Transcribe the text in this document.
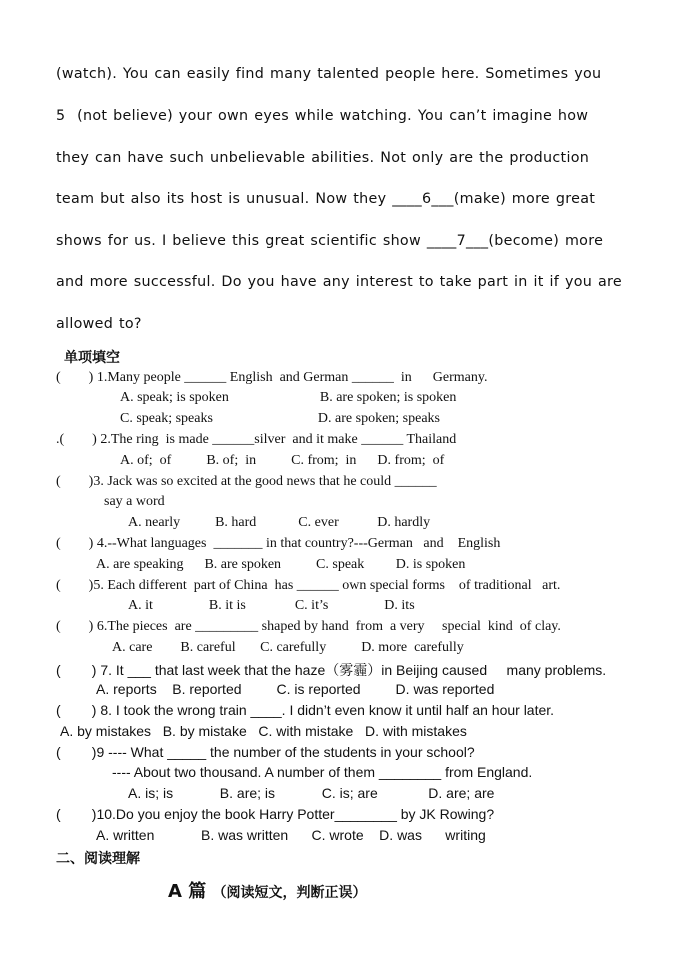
(watch). You can easily find many talented people here. Sometimes you
5  (not believe) your own eyes while watching. You can’t imagine how
they can have such unbelievable abilities. Not only are the production
team but also its host is unusual. Now they ____6___(make) more great
shows for us. I believe this great scientific show ____7___(become) more
and more successful. Do you have any interest to take part in it if you are
allowed to?
单项填空
(        ) 1.Many people ______ English  and German ______  in      Germany.
A. speak; is spoken                          B. are spoken; is spoken
C. speak; speaks                              D. are spoken; speaks
.(        ) 2.The ring  is made ______silver  and it make ______ Thailand
A. of;  of          B. of;  in          C. from;  in      D. from;  of
(        )3. Jack was so excited at the good news that he could ______
say a word
A. nearly          B. hard            C. ever           D. hardly
(        ) 4.--What languages  _______ in that country?---German   and    English
A. are speaking      B. are spoken          C. speak         D. is spoken
(        )5. Each different  part of China  has ______ own special forms    of traditional   art.
A. it                B. it is              C. it’s                D. its
(        ) 6.The pieces  are _________ shaped by hand  from  a very     special  kind  of clay.
A. care        B. careful       C. carefully          D. more  carefully
(        ) 7. It ___ that last week that the haze（雾霾）in Beijing caused     many problems.
A. reports    B. reported         C. is reported         D. was reported
(        ) 8. I took the wrong train ____. I didn’t even know it until half an hour later.
A. by mistakes   B. by mistake   C. with mistake   D. with mistakes
(        )9 ---- What _____ the number of the students in your school?
---- About two thousand. A number of them ________ from England.
A. is; is            B. are; is            C. is; are             D. are; are
(        )10.Do you enjoy the book Harry Potter________ by JK Rowing?
A. written            B. was written      C. wrote    D. was      writing
二、阅读理解
A 篇 （阅读短文，判断正误）
